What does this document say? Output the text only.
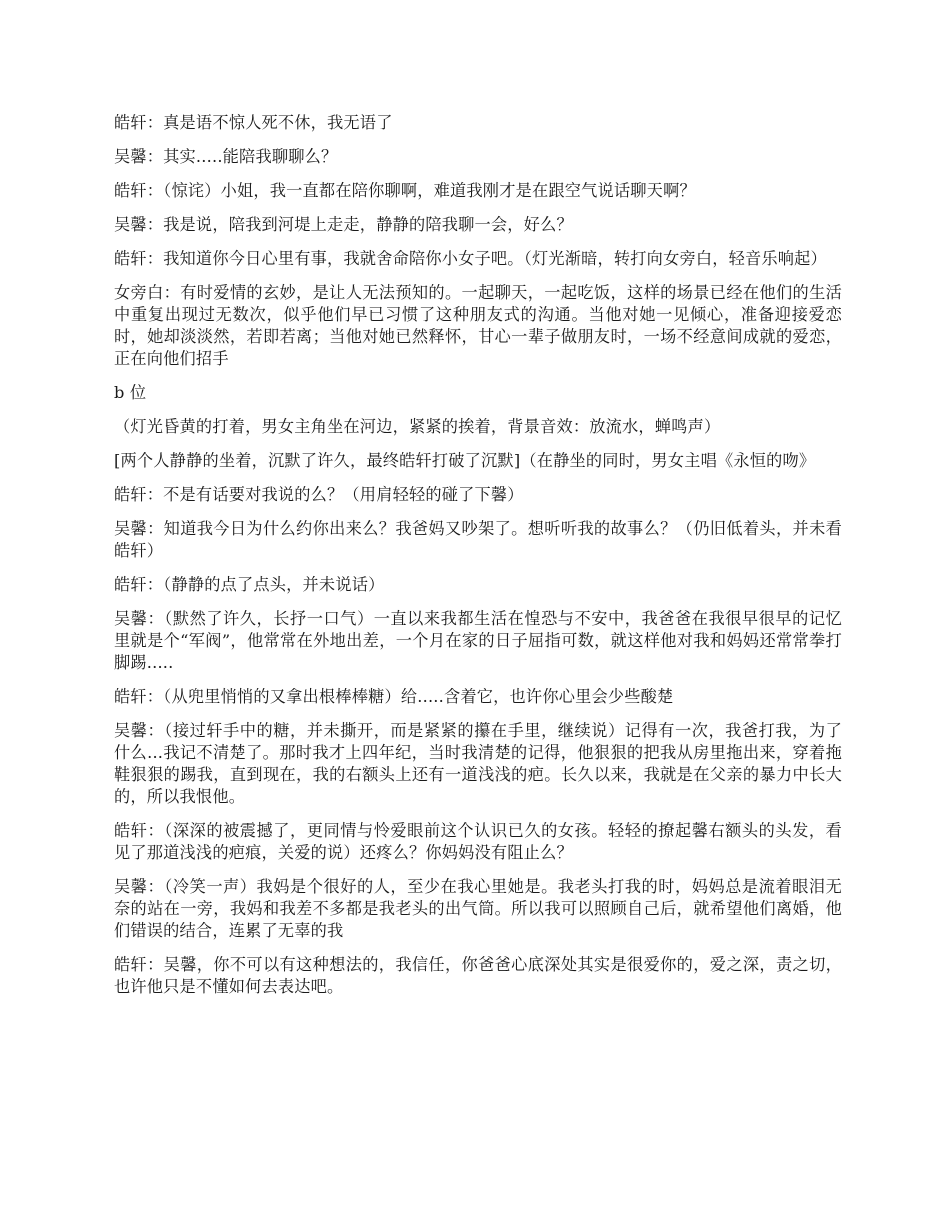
皓轩：真是语不惊人死不休，我无语了

吴馨：其实.....能陪我聊聊么？

皓轩：（惊诧）小姐，我一直都在陪你聊啊，难道我刚才是在跟空气说话聊天啊？

吴馨：我是说，陪我到河堤上走走，静静的陪我聊一会，好么？

皓轩：我知道你今日心里有事，我就舍命陪你小女子吧。（灯光渐暗，转打向女旁白，轻音乐响起）

女旁白：有时爱情的玄妙，是让人无法预知的。一起聊天，一起吃饭，这样的场景已经在他们的生活中重复出现过无数次，似乎他们早已习惯了这种朋友式的沟通。当他对她一见倾心，准备迎接爱恋时，她却淡淡然，若即若离；当他对她已然释怀，甘心一辈子做朋友时，一场不经意间成就的爱恋，正在向他们招手

b 位

（灯光昏黄的打着，男女主角坐在河边，紧紧的挨着，背景音效：放流水，蝉鸣声）

[两个人静静的坐着，沉默了许久，最终皓轩打破了沉默]（在静坐的同时，男女主唱《永恒的吻》

皓轩：不是有话要对我说的么？（用肩轻轻的碰了下馨）

吴馨：知道我今日为什么约你出来么？我爸妈又吵架了。想听听我的故事么？（仍旧低着头，并未看皓轩）

皓轩：（静静的点了点头，并未说话）

吴馨：（默然了许久，长抒一口气）一直以来我都生活在惶恐与不安中，我爸爸在我很早很早的记忆里就是个“军阀”，他常常在外地出差，一个月在家的日子屈指可数，就这样他对我和妈妈还常常拳打脚踢.....

皓轩：（从兜里悄悄的又拿出根棒棒糖）给.....含着它，也许你心里会少些酸楚

吴馨：（接过轩手中的糖，并未撕开，而是紧紧的攥在手里，继续说）记得有一次，我爸打我，为了什么...我记不清楚了。那时我才上四年纪，当时我清楚的记得，他狠狠的把我从房里拖出来，穿着拖鞋狠狠的踢我，直到现在，我的右额头上还有一道浅浅的疤。长久以来，我就是在父亲的暴力中长大的，所以我恨他。

皓轩：（深深的被震撼了，更同情与怜爱眼前这个认识已久的女孩。轻轻的撩起馨右额头的头发，看见了那道浅浅的疤痕，关爱的说）还疼么？你妈妈没有阻止么？

吴馨：（冷笑一声）我妈是个很好的人，至少在我心里她是。我老头打我的时，妈妈总是流着眼泪无奈的站在一旁，我妈和我差不多都是我老头的出气筒。所以我可以照顾自己后，就希望他们离婚，他们错误的结合，连累了无辜的我

皓轩：吴馨，你不可以有这种想法的，我信任，你爸爸心底深处其实是很爱你的，爱之深，责之切，也许他只是不懂如何去表达吧。
